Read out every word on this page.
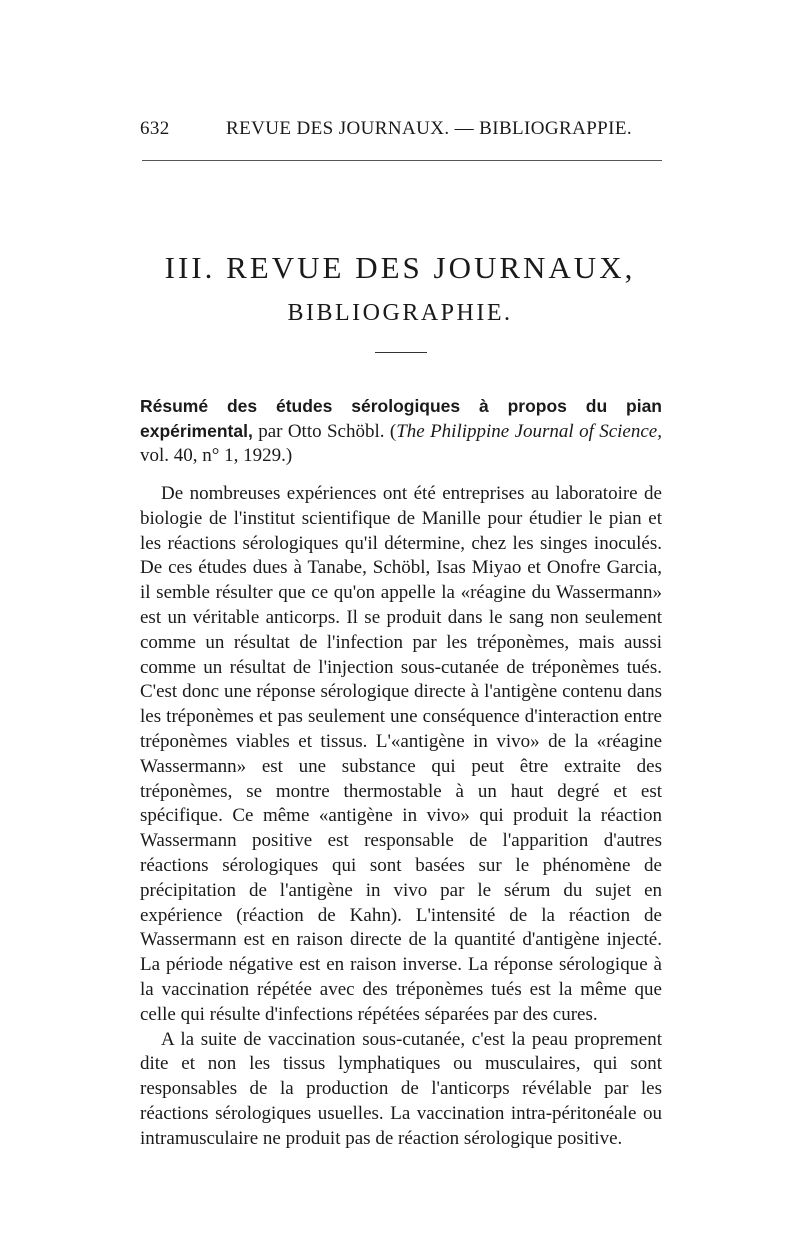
632	REVUE DES JOURNAUX. — BIBLIOGRAPPIE.
III. REVUE DES JOURNAUX,
BIBLIOGRAPHIE.
Résumé des études sérologiques à propos du pian expérimental, par Otto Schöbl. (The Philippine Journal of Science, vol. 40, n° 1, 1929.)

De nombreuses expériences ont été entreprises au laboratoire de biologie de l'institut scientifique de Manille pour étudier le pian et les réactions sérologiques qu'il détermine, chez les singes inoculés. De ces études dues à Tanabe, Schöbl, Isas Miyao et Onofre Garcia, il semble résulter que ce qu'on appelle la «réagine du Wassermann» est un véritable anticorps. Il se produit dans le sang non seulement comme un résultat de l'infection par les tréponèmes, mais aussi comme un résultat de l'injection sous-cutanée de tréponèmes tués. C'est donc une réponse sérologique directe à l'antigène contenu dans les tréponèmes et pas seulement une conséquence d'interaction entre tréponèmes viables et tissus. L'«antigène in vivo» de la «réagine Wassermann» est une substance qui peut être extraite des tréponèmes, se montre thermostable à un haut degré et est spécifique. Ce même «antigène in vivo» qui produit la réaction Wassermann positive est responsable de l'apparition d'autres réactions sérologiques qui sont basées sur le phénomène de précipitation de l'antigène in vivo par le sérum du sujet en expérience (réaction de Kahn). L'intensité de la réaction de Wassermann est en raison directe de la quantité d'antigène injecté. La période négative est en raison inverse. La réponse sérologique à la vaccination répétée avec des tréponèmes tués est la même que celle qui résulte d'infections répétées séparées par des cures.

A la suite de vaccination sous-cutanée, c'est la peau proprement dite et non les tissus lymphatiques ou musculaires, qui sont responsables de la production de l'anticorps révélable par les réactions sérologiques usuelles. La vaccination intra-péritonéale ou intramusculaire ne produit pas de réaction sérologique positive.
